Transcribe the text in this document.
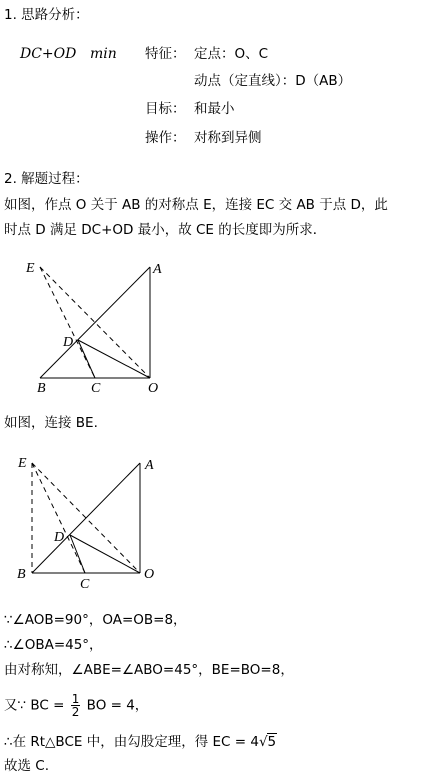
1. 思路分析：
DC+OD min 特征： 定点：O、C
动点（定直线）：D（AB）
目标： 和最小
操作： 对称到异侧
2. 解题过程：
如图，作点 O 关于 AB 的对称点 E，连接 EC 交 AB 于点 D，此
时点 D 满足 DC+OD 最小，故 CE 的长度即为所求．
E	A
D
B	C	O
如图，连接 BE.
E	A
D
B
C
O
∵∠AOB=90°，OA=OB=8，
∴∠OBA=45°，
由对称知，∠ABE=∠ABO=45°，BE=BO=8，
又∵ BC = $\frac{1}{2}$ BO = 4，
∴在 Rt△BCE 中，由勾股定理，得 EC = 4√5
故选 C.
